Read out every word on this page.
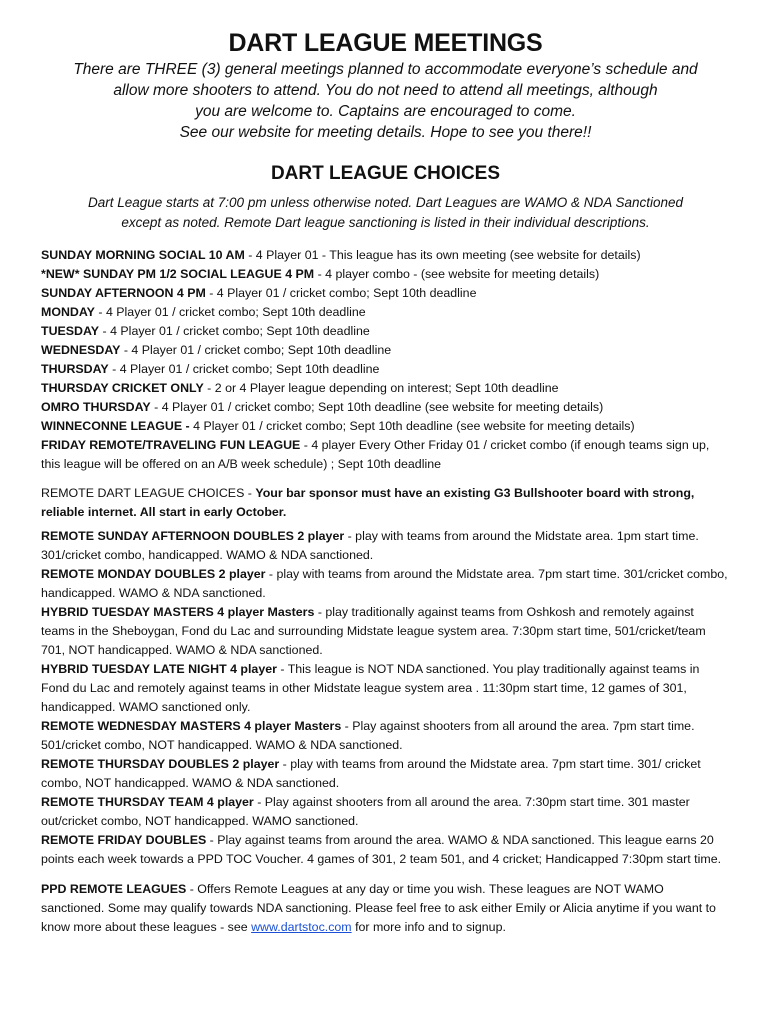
DART LEAGUE MEETINGS
There are THREE (3) general meetings planned to accommodate everyone’s schedule and
allow more shooters to attend. You do not need to attend all meetings, although
you are welcome to. Captains are encouraged to come.
See our website for meeting details. Hope to see you there!!
DART LEAGUE CHOICES
Dart League starts at 7:00 pm unless otherwise noted. Dart Leagues are WAMO & NDA Sanctioned
except as noted. Remote Dart league sanctioning is listed in their individual descriptions.
SUNDAY MORNING SOCIAL 10 AM - 4 Player 01 - This league has its own meeting (see website for details)
*NEW* SUNDAY PM 1/2 SOCIAL LEAGUE 4 PM - 4 player combo - (see website for meeting details)
SUNDAY AFTERNOON 4 PM - 4 Player 01 / cricket combo; Sept 10th deadline
MONDAY - 4 Player 01 / cricket combo; Sept 10th deadline
TUESDAY - 4 Player 01 / cricket combo; Sept 10th deadline
WEDNESDAY - 4 Player 01 / cricket combo; Sept 10th deadline
THURSDAY - 4 Player 01 / cricket combo; Sept 10th deadline
THURSDAY CRICKET ONLY - 2 or 4 Player league depending on interest; Sept 10th deadline
OMRO THURSDAY - 4 Player 01 / cricket combo; Sept 10th deadline (see website for meeting details)
WINNECONNE LEAGUE - 4 Player 01 / cricket combo; Sept 10th deadline (see website for meeting details)
FRIDAY REMOTE/TRAVELING FUN LEAGUE - 4 player Every Other Friday 01 / cricket combo (if enough teams sign up, this league will be offered on an A/B week schedule) ; Sept 10th deadline
REMOTE DART LEAGUE CHOICES - Your bar sponsor must have an existing G3 Bullshooter board with strong, reliable internet. All start in early October.
REMOTE SUNDAY AFTERNOON DOUBLES 2 player - play with teams from around the Midstate area. 1pm start time. 301/cricket combo, handicapped. WAMO & NDA sanctioned.
REMOTE MONDAY DOUBLES 2 player - play with teams from around the Midstate area. 7pm start time. 301/cricket combo, handicapped. WAMO & NDA sanctioned.
HYBRID TUESDAY MASTERS 4 player Masters - play traditionally against teams from Oshkosh and remotely against teams in the Sheboygan, Fond du Lac and surrounding Midstate league system area. 7:30pm start time, 501/cricket/team 701, NOT handicapped. WAMO & NDA sanctioned.
HYBRID TUESDAY LATE NIGHT 4 player - This league is NOT NDA sanctioned. You play traditionally against teams in Fond du Lac and remotely against teams in other Midstate league system area . 11:30pm start time, 12 games of 301, handicapped. WAMO sanctioned only.
REMOTE WEDNESDAY MASTERS 4 player Masters - Play against shooters from all around the area. 7pm start time. 501/cricket combo, NOT handicapped. WAMO & NDA sanctioned.
REMOTE THURSDAY DOUBLES 2 player - play with teams from around the Midstate area. 7pm start time. 301/ cricket combo, NOT handicapped. WAMO & NDA sanctioned.
REMOTE THURSDAY TEAM 4 player - Play against shooters from all around the area. 7:30pm start time. 301 master out/cricket combo, NOT handicapped. WAMO sanctioned.
REMOTE FRIDAY DOUBLES - Play against teams from around the area. WAMO & NDA sanctioned. This league earns 20 points each week towards a PPD TOC Voucher. 4 games of 301, 2 team 501, and 4 cricket; Handicapped 7:30pm start time.
PPD REMOTE LEAGUES - Offers Remote Leagues at any day or time you wish. These leagues are NOT WAMO sanctioned. Some may qualify towards NDA sanctioning. Please feel free to ask either Emily or Alicia anytime if you want to know more about these leagues - see www.dartstoc.com for more info and to signup.
